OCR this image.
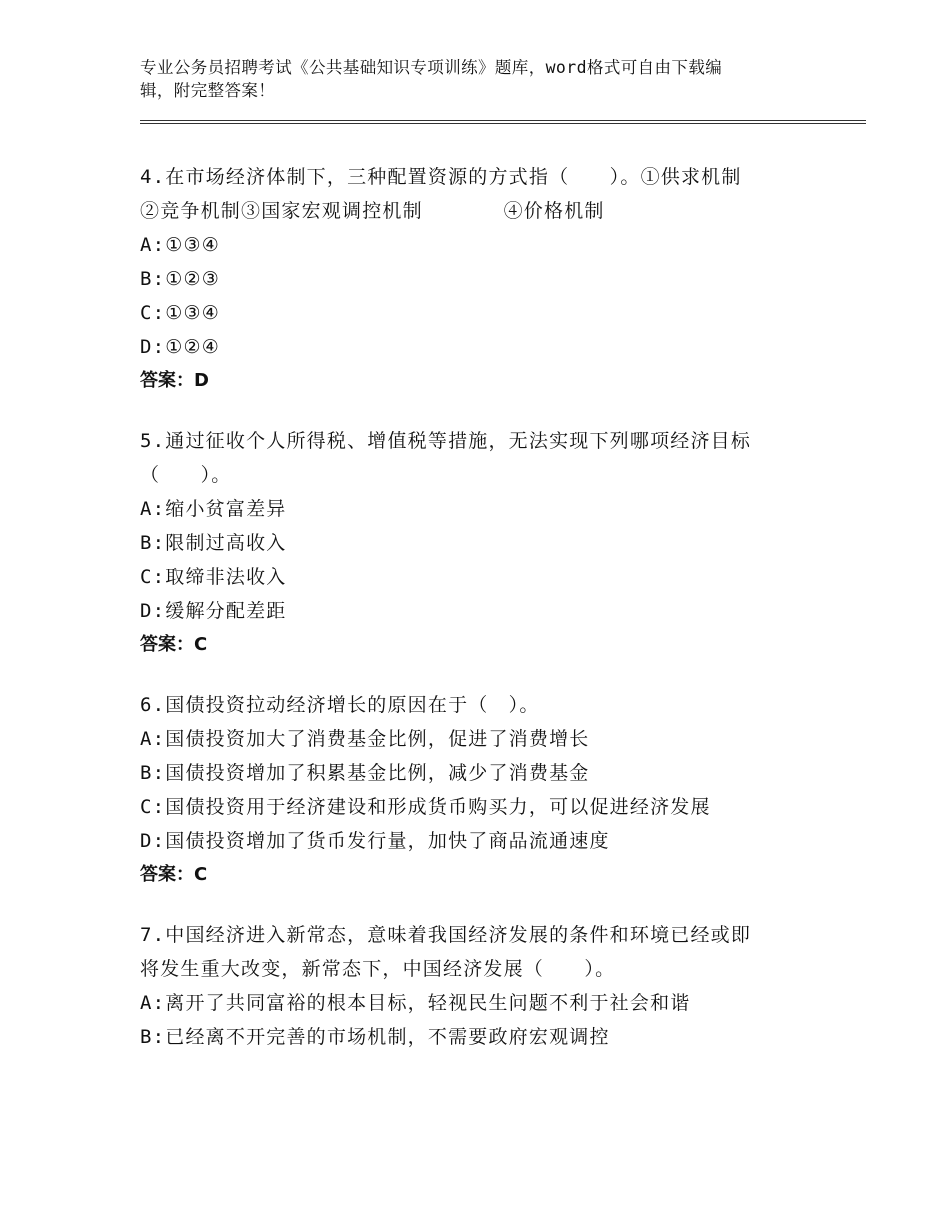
专业公务员招聘考试《公共基础知识专项训练》题库，word格式可自由下载编
辑，附完整答案！

4.在市场经济体制下，三种配置资源的方式指（　　）。①供求机制

②竞争机制③国家宏观调控机制　　　　④价格机制

A:①③④

B:①②③

C:①③④

D:①②④

答案：D

5.通过征收个人所得税、增值税等措施，无法实现下列哪项经济目标

（　　）。

A:缩小贫富差异

B:限制过高收入

C:取缔非法收入

D:缓解分配差距

答案：C

6.国债投资拉动经济增长的原因在于（　）。

A:国债投资加大了消费基金比例，促进了消费增长

B:国债投资增加了积累基金比例，减少了消费基金

C:国债投资用于经济建设和形成货币购买力，可以促进经济发展

D:国债投资增加了货币发行量，加快了商品流通速度

答案：C

7.中国经济进入新常态，意味着我国经济发展的条件和环境已经或即

将发生重大改变，新常态下，中国经济发展（　　）。

A:离开了共同富裕的根本目标，轻视民生问题不利于社会和谐

B:已经离不开完善的市场机制，不需要政府宏观调控
